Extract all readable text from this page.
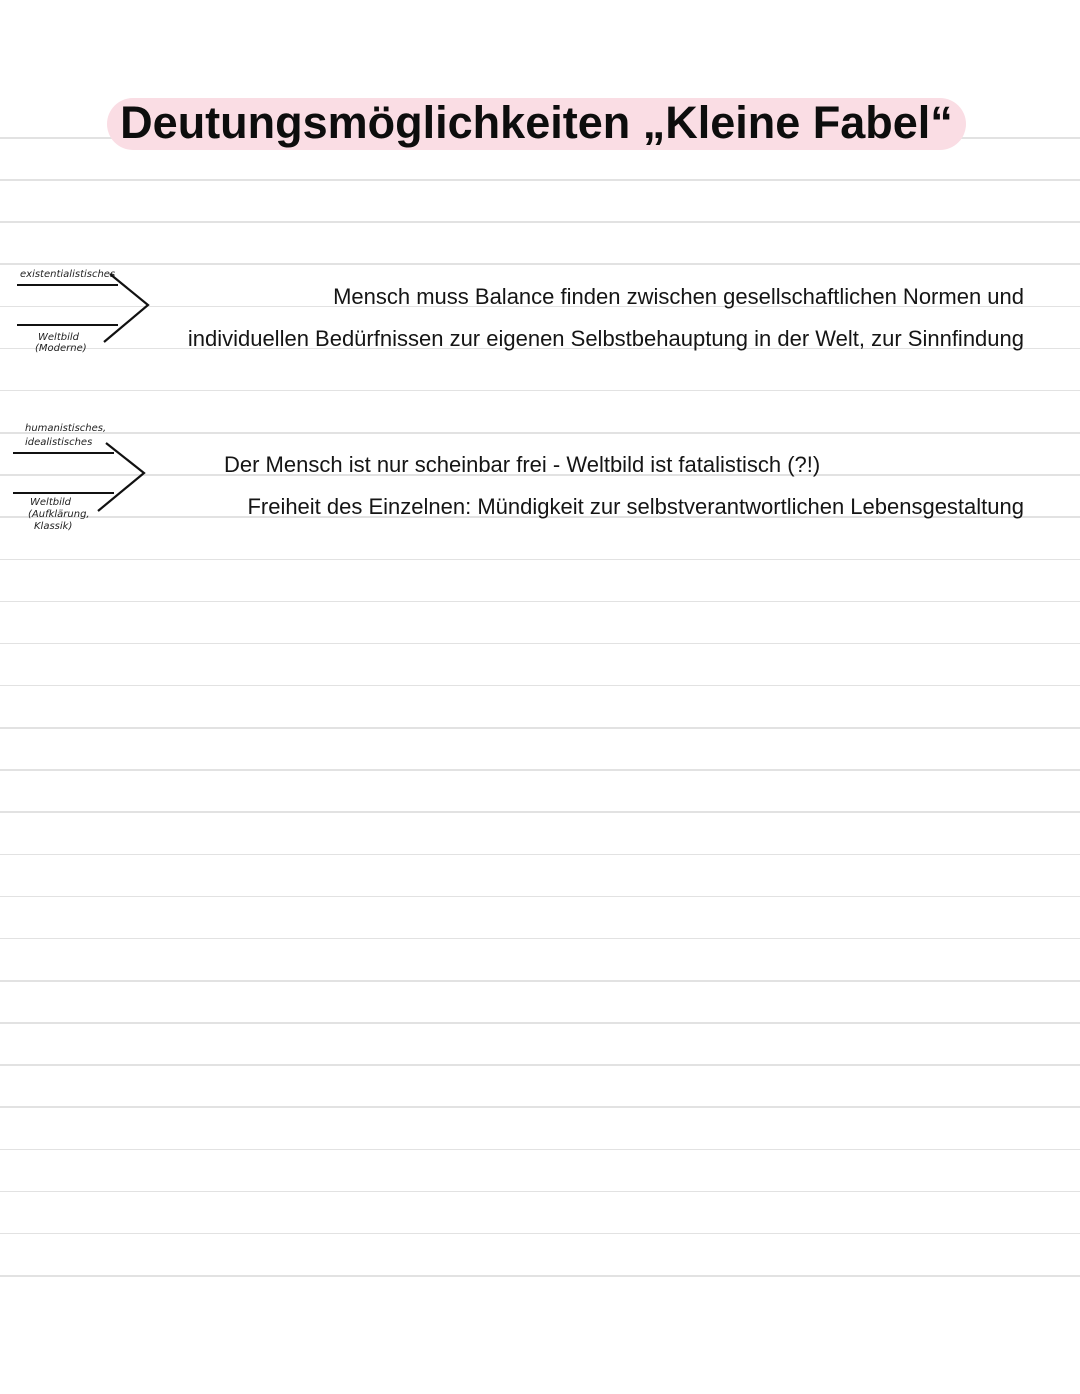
Deutungsmöglichkeiten „Kleine Fabel“
existentialistisches
Weltbild
(Moderne)
Mensch muss Balance finden zwischen gesellschaftlichen Normen und
individuellen Bedürfnissen zur eigenen Selbstbehauptung in der Welt, zur Sinnfindung
humanistisches,
idealistisches
Weltbild
(Aufklärung,
Klassik)
Der Mensch ist nur scheinbar frei - Weltbild ist fatalistisch (?!)
Freiheit des Einzelnen: Mündigkeit zur selbstverantwortlichen Lebensgestaltung
